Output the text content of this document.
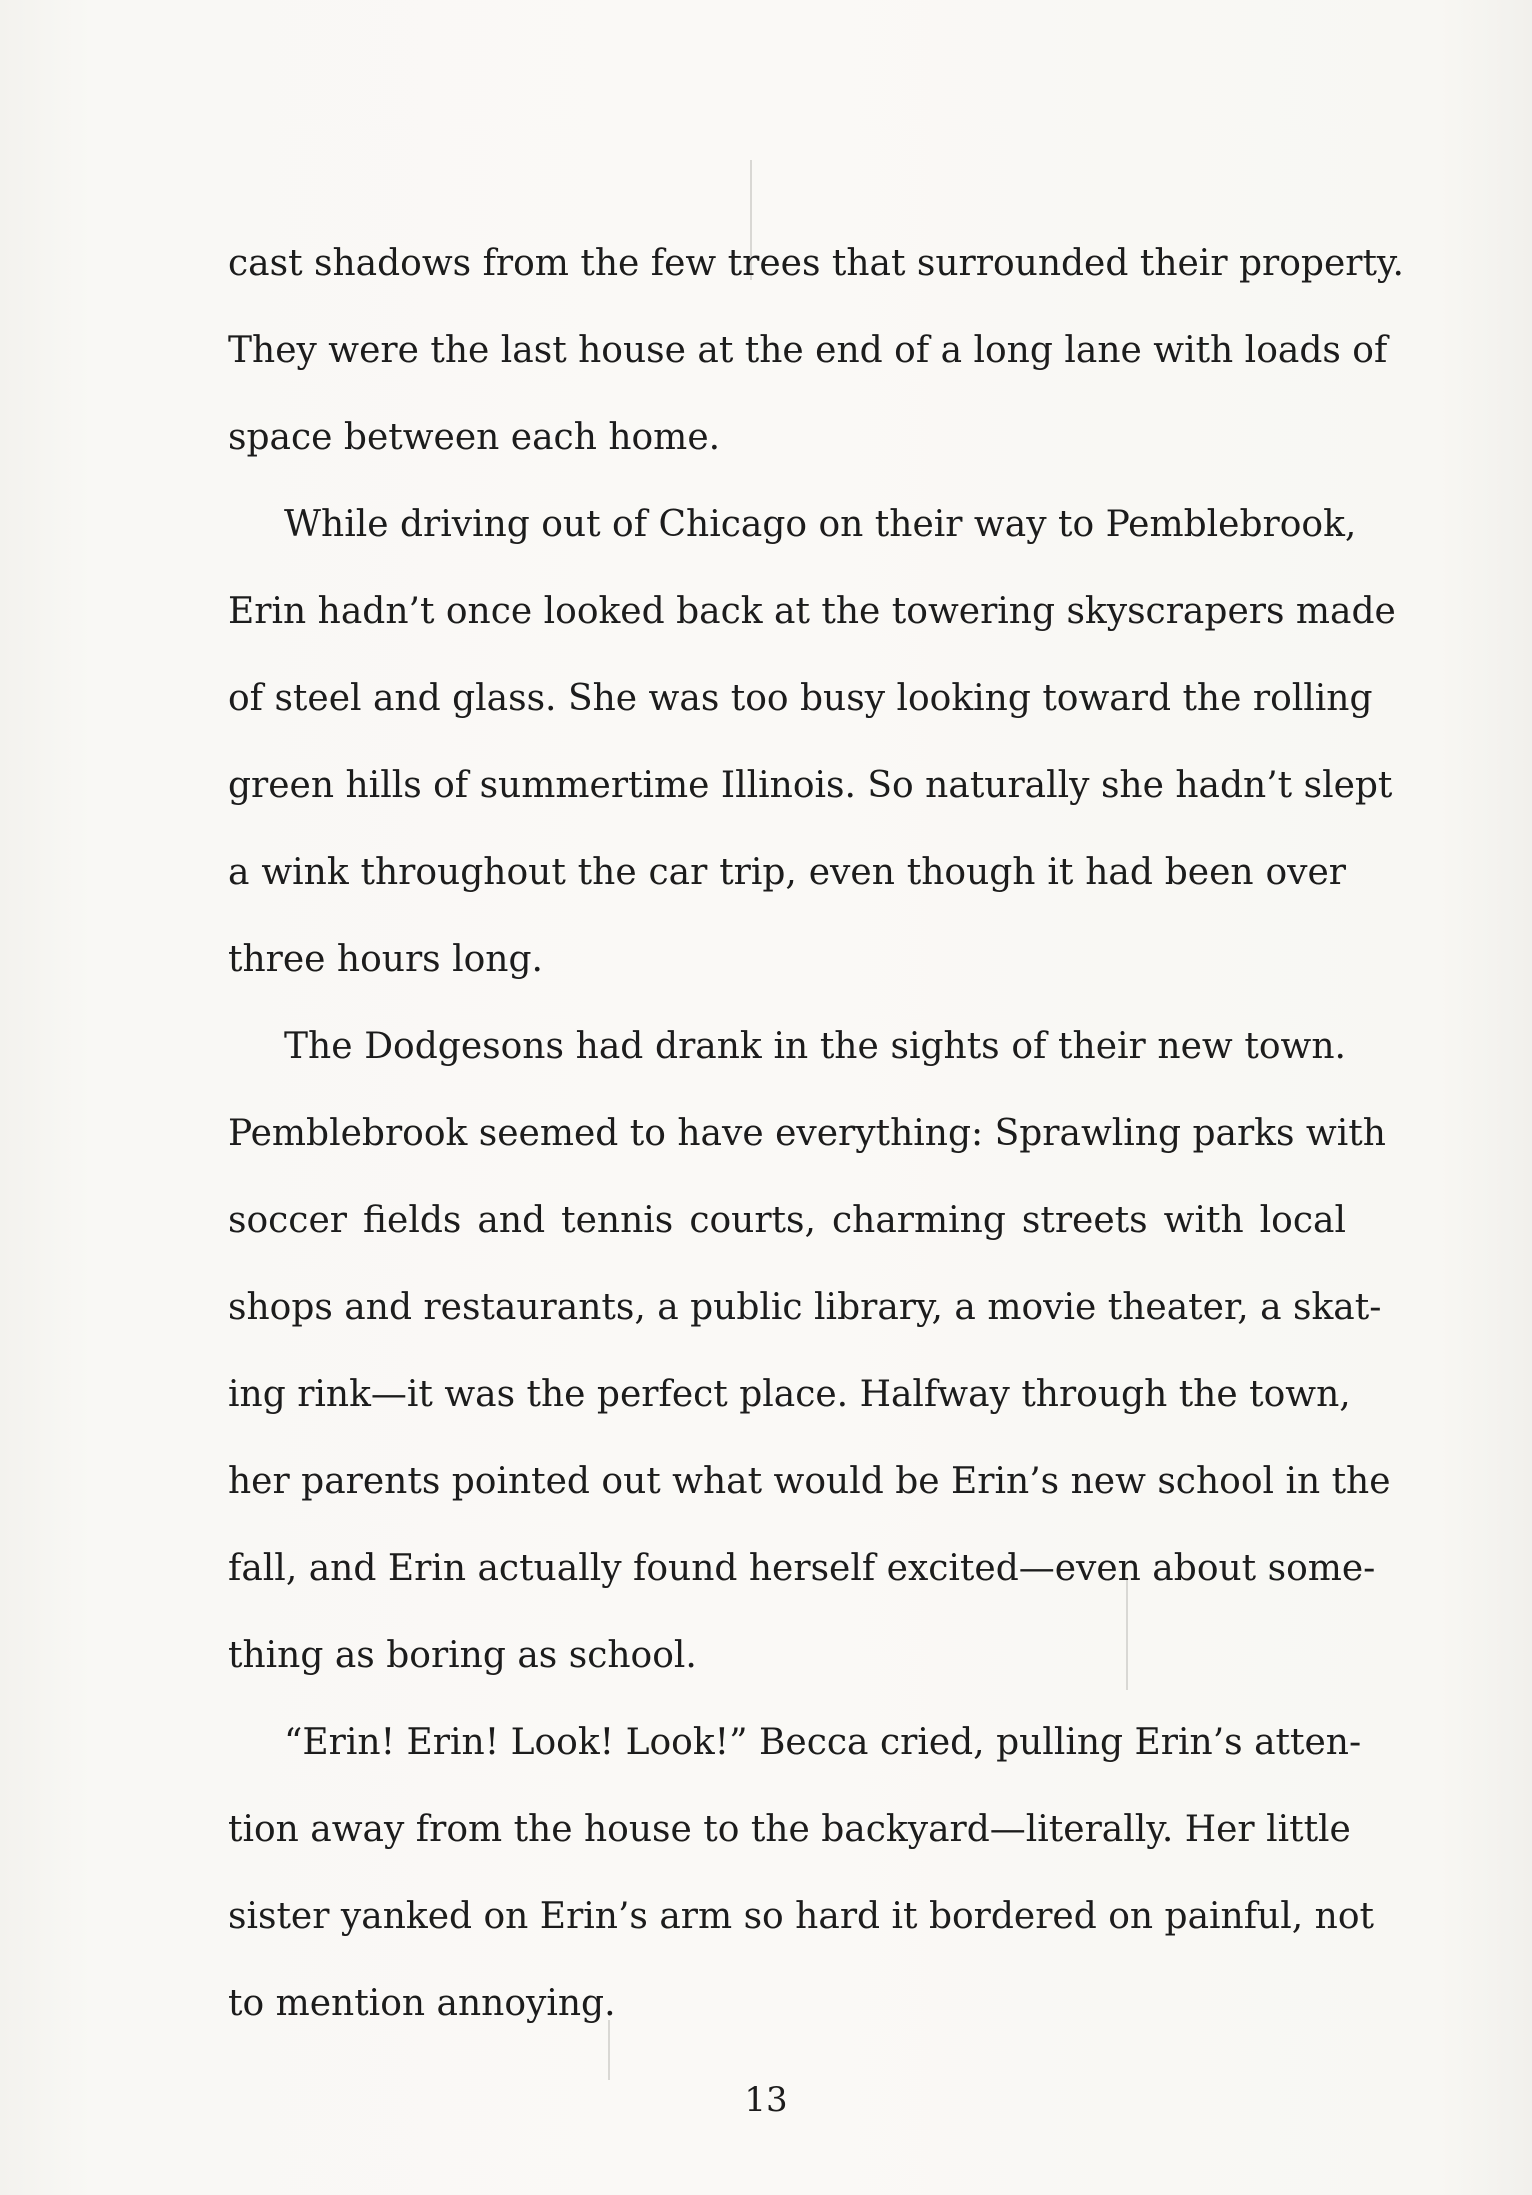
cast shadows from the few trees that surrounded their property.
They were the last house at the end of a long lane with loads of
space between each home.
While driving out of Chicago on their way to Pemblebrook,
Erin hadn’t once looked back at the towering skyscrapers made
of steel and glass. She was too busy looking toward the rolling
green hills of summertime Illinois. So naturally she hadn’t slept
a wink throughout the car trip, even though it had been over
three hours long.
The Dodgesons had drank in the sights of their new town.
Pemblebrook seemed to have everything: Sprawling parks with
soccer fields and tennis courts, charming streets with local
shops and restaurants, a public library, a movie theater, a skat-
ing rink—it was the perfect place. Halfway through the town,
her parents pointed out what would be Erin’s new school in the
fall, and Erin actually found herself excited—even about some-
thing as boring as school.
“Erin! Erin! Look! Look!” Becca cried, pulling Erin’s atten-
tion away from the house to the backyard—literally. Her little
sister yanked on Erin’s arm so hard it bordered on painful, not
to mention annoying.
13
